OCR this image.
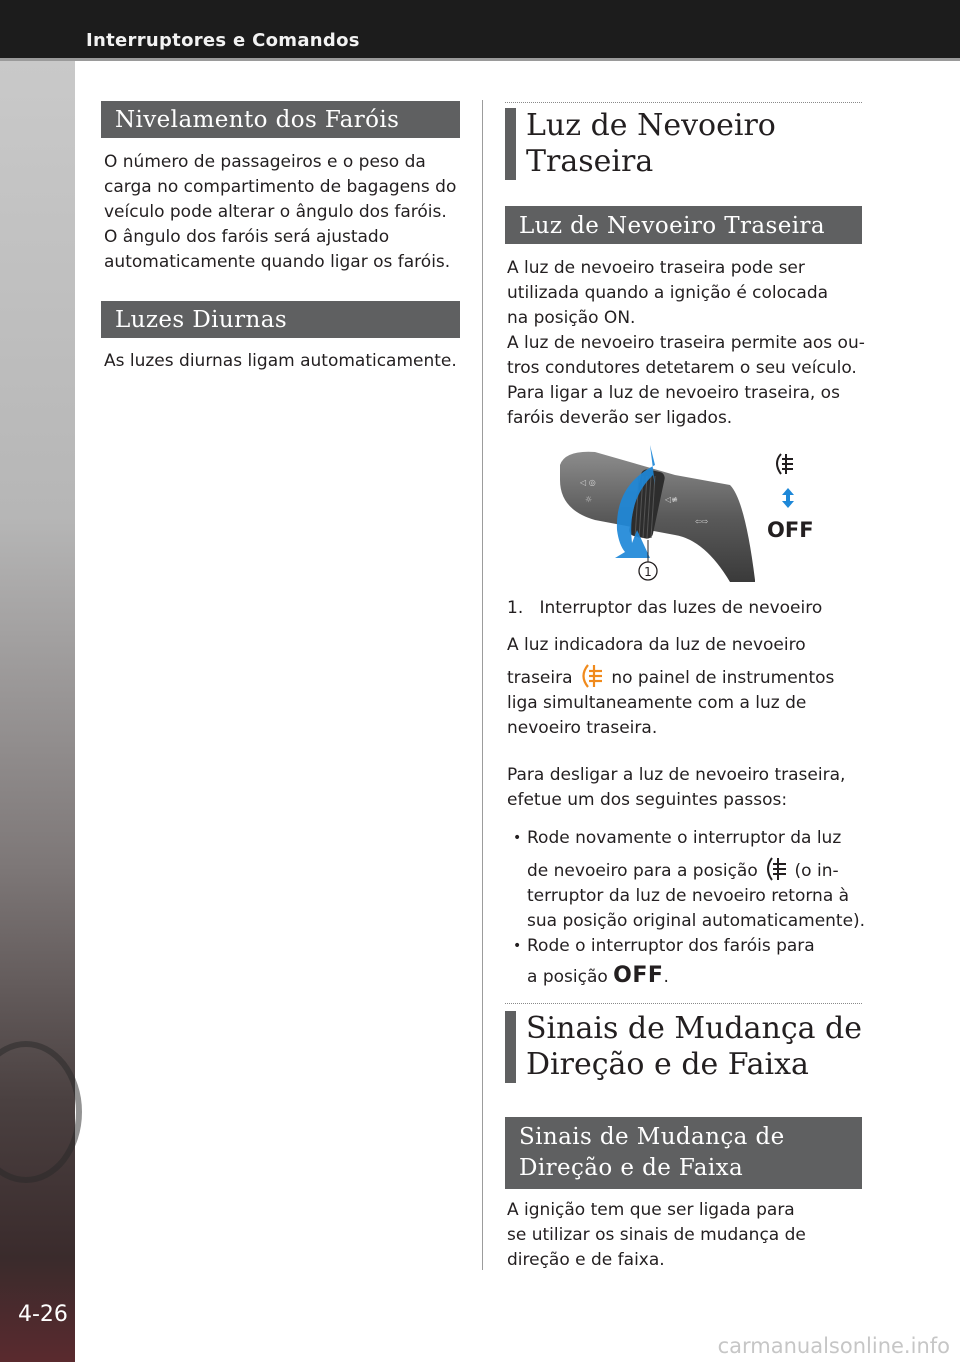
Interruptores e Comandos
4-26
Nivelamento dos Faróis

O número de passageiros e o peso da

carga no compartimento de bagagens do

veículo pode alterar o ângulo dos faróis.

O ângulo dos faróis será ajustado

automaticamente quando ligar os faróis.

Luzes Diurnas

As luzes diurnas ligam automaticamente.

Luz de Nevoeiro
Traseira
Luz de Nevoeiro Traseira

A luz de nevoeiro traseira pode ser

utilizada quando a ignição é colocada

na posição ON.

A luz de nevoeiro traseira permite aos ou-

tros condutores detetarem o seu veículo.

Para ligar a luz de nevoeiro traseira, os

faróis deverão ser ligados.

◁ ◎
☼	◁≢
⇦⇨
1
OFF

1. Interruptor das luzes de nevoeiro

A luz indicadora da luz de nevoeiro

traseira no painel de instrumentos

liga simultaneamente com a luz de

nevoeiro traseira.

Para desligar a luz de nevoeiro traseira,

efetue um dos seguintes passos:

• Rode novamente o interruptor da luz
de nevoeiro para a posição (o in-
terruptor da luz de nevoeiro retorna à
sua posição original automaticamente).
• Rode o interruptor dos faróis para
a posição OFF.
Sinais de Mudança de
Direção e de Faixa
Sinais de Mudança de
Direção e de Faixa

A ignição tem que ser ligada para

se utilizar os sinais de mudança de

direção e de faixa.

carmanualsonline.info
